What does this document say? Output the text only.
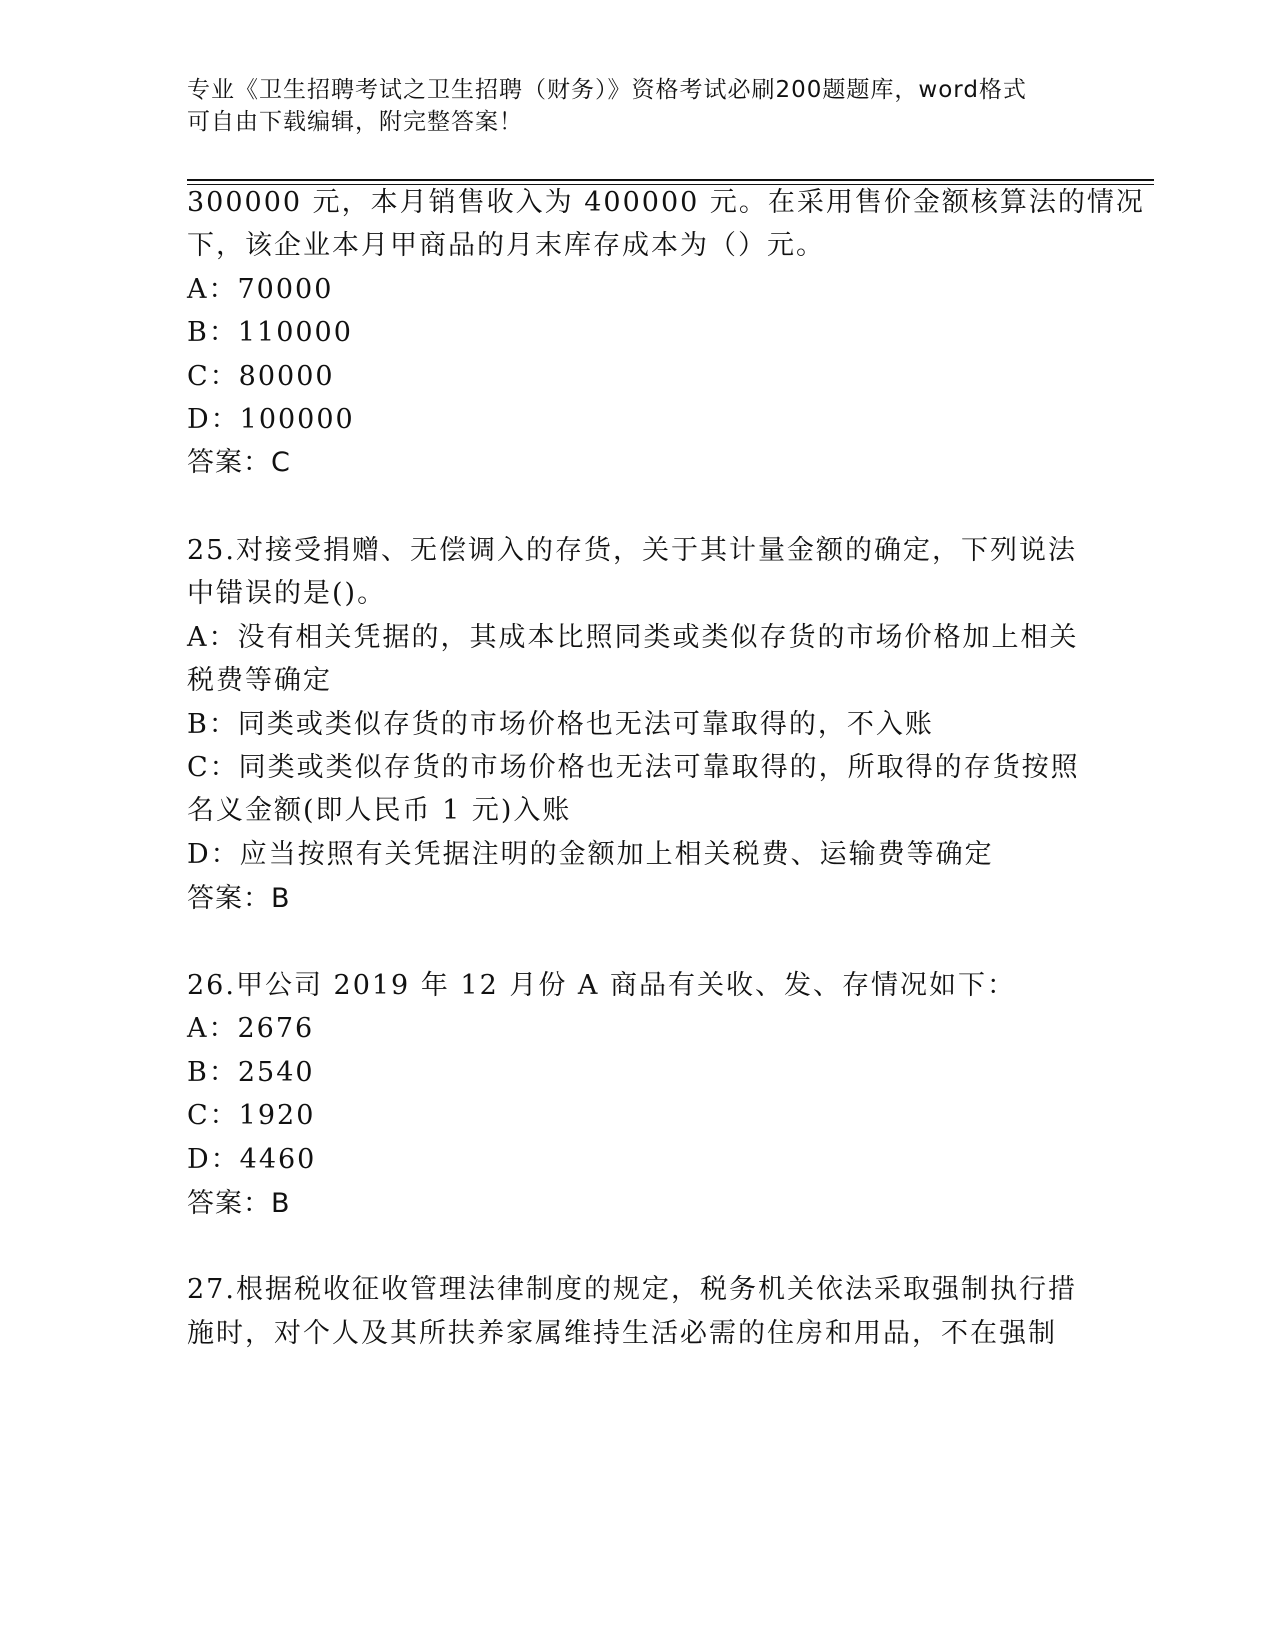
专业《卫生招聘考试之卫生招聘（财务）》资格考试必刷200题题库，word格式
可自由下载编辑，附完整答案！
300000 元，本月销售收入为 400000 元。在采用售价金额核算法的情况
下，该企业本月甲商品的月末库存成本为（）元。
A：70000
B：110000
C：80000
D：100000
答案：C
25.对接受捐赠、无偿调入的存货，关于其计量金额的确定，下列说法
中错误的是()。
A：没有相关凭据的，其成本比照同类或类似存货的市场价格加上相关
税费等确定
B：同类或类似存货的市场价格也无法可靠取得的，不入账
C：同类或类似存货的市场价格也无法可靠取得的，所取得的存货按照
名义金额(即人民币 1 元)入账
D：应当按照有关凭据注明的金额加上相关税费、运输费等确定
答案：B
26.甲公司 2019 年 12 月份 A 商品有关收、发、存情况如下：
A：2676
B：2540
C：1920
D：4460
答案：B
27.根据税收征收管理法律制度的规定，税务机关依法采取强制执行措
施时，对个人及其所扶养家属维持生活必需的住房和用品，不在强制
